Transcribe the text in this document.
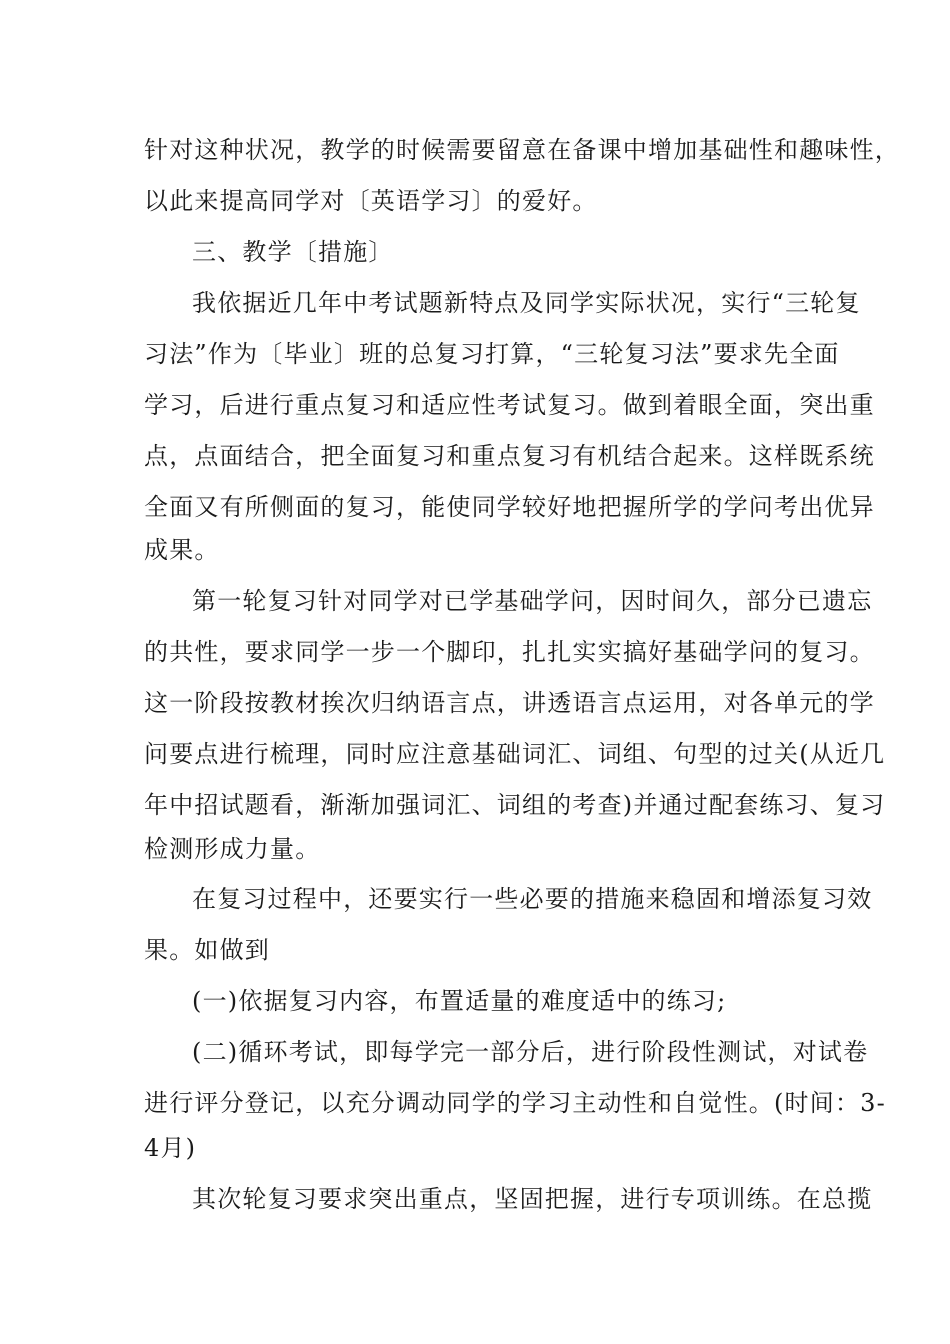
针对这种状况，教学的时候需要留意在备课中增加基础性和趣味性，
以此来提高同学对〔英语学习〕的爱好。
三、教学〔措施〕
我依据近几年中考试题新特点及同学实际状况，实行“三轮复
习法”作为〔毕业〕班的总复习打算，“三轮复习法”要求先全面
学习，后进行重点复习和适应性考试复习。做到着眼全面，突出重
点，点面结合，把全面复习和重点复习有机结合起来。这样既系统
全面又有所侧面的复习，能使同学较好地把握所学的学问考出优异
成果。
第一轮复习针对同学对已学基础学问，因时间久，部分已遗忘
的共性，要求同学一步一个脚印，扎扎实实搞好基础学问的复习。
这一阶段按教材挨次归纳语言点，讲透语言点运用，对各单元的学
问要点进行梳理，同时应注意基础词汇、词组、句型的过关(从近几
年中招试题看，渐渐加强词汇、词组的考查)并通过配套练习、复习
检测形成力量。
在复习过程中，还要实行一些必要的措施来稳固和增添复习效
果。如做到
(一)依据复习内容，布置适量的难度适中的练习;
(二)循环考试，即每学完一部分后，进行阶段性测试，对试卷
进行评分登记，以充分调动同学的学习主动性和自觉性。(时间：3-
4月)
其次轮复习要求突出重点，坚固把握，进行专项训练。在总揽
